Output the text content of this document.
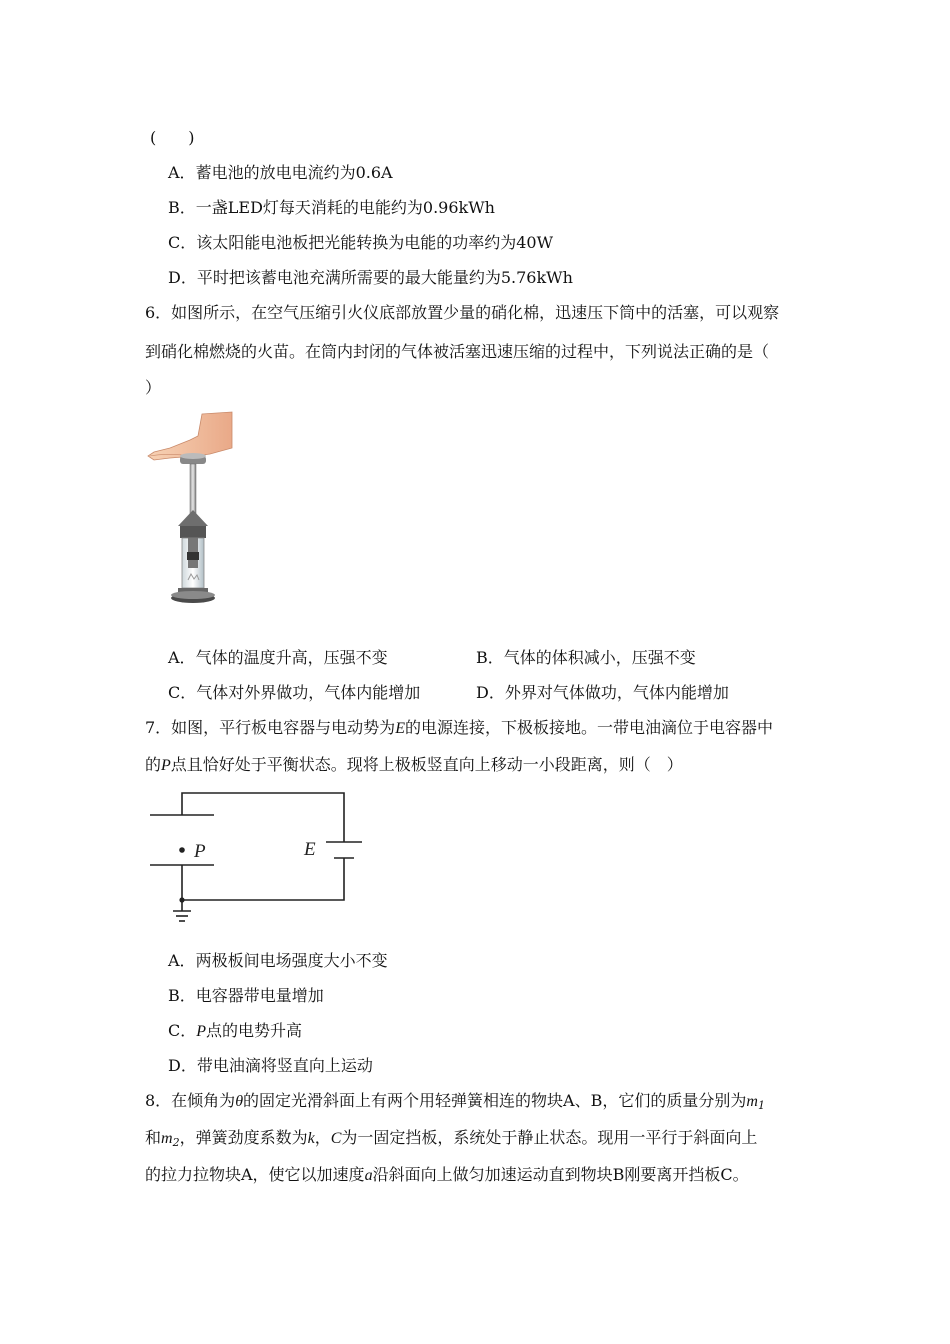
(　　)
A．蓄电池的放电电流约为0.6A
B．一盏LED灯每天消耗的电能约为0.96kWh
C．该太阳能电池板把光能转换为电能的功率约为40W
D．平时把该蓄电池充满所需要的最大能量约为5.76kWh
6．如图所示，在空气压缩引火仪底部放置少量的硝化棉，迅速压下筒中的活塞，可以观察
到硝化棉燃烧的火苗。在筒内封闭的气体被活塞迅速压缩的过程中，下列说法正确的是（
）
A．气体的温度升高，压强不变	B．气体的体积减小，压强不变
C．气体对外界做功，气体内能增加	D．外界对气体做功，气体内能增加
7．如图，平行板电容器与电动势为E的电源连接，下极板接地。一带电油滴位于电容器中
的P点且恰好处于平衡状态。现将上极板竖直向上移动一小段距离，则（　）
P	E
A．两极板间电场强度大小不变
B．电容器带电量增加
C．P点的电势升高
D．带电油滴将竖直向上运动
8．在倾角为θ的固定光滑斜面上有两个用轻弹簧相连的物块A、B，它们的质量分别为$m_1$
和$m_2$，弹簧劲度系数为k，C为一固定挡板，系统处于静止状态。现用一平行于斜面向上
的拉力拉物块A，使它以加速度a沿斜面向上做匀加速运动直到物块B刚要离开挡板C。
